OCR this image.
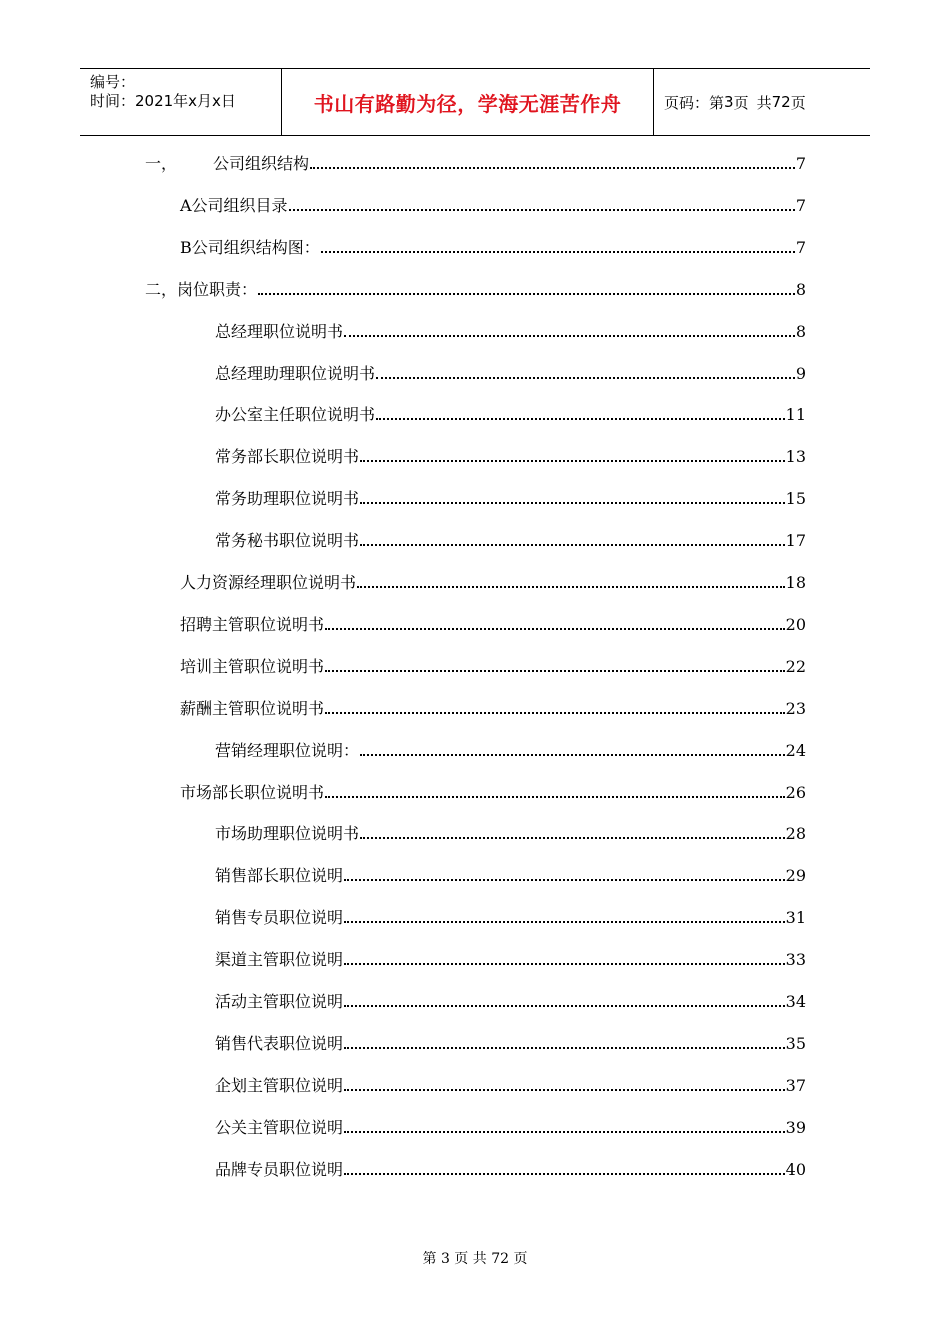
编号：
时间：2021年x月x日	书山有路勤为径，学海无涯苦作舟	页码：第 3 页 共 72 页
一， 公司组织结构	7
A公司组织目录	7
B公司组织结构图：	7
二，岗位职责：	8
总经理职位说明书	8
总经理助理职位说明书	9
办公室主任职位说明书	11
常务部长职位说明书	13
常务助理职位说明书	15
常务秘书职位说明书	17
人力资源经理职位说明书	18
招聘主管职位说明书	20
培训主管职位说明书	22
薪酬主管职位说明书	23
营销经理职位说明：	24
市场部长职位说明书	26
市场助理职位说明书	28
销售部长职位说明	29
销售专员职位说明	31
渠道主管职位说明	33
活动主管职位说明	34
销售代表职位说明	35
企划主管职位说明	37
公关主管职位说明	39
品牌专员职位说明	40
第 3 页 共 72 页
